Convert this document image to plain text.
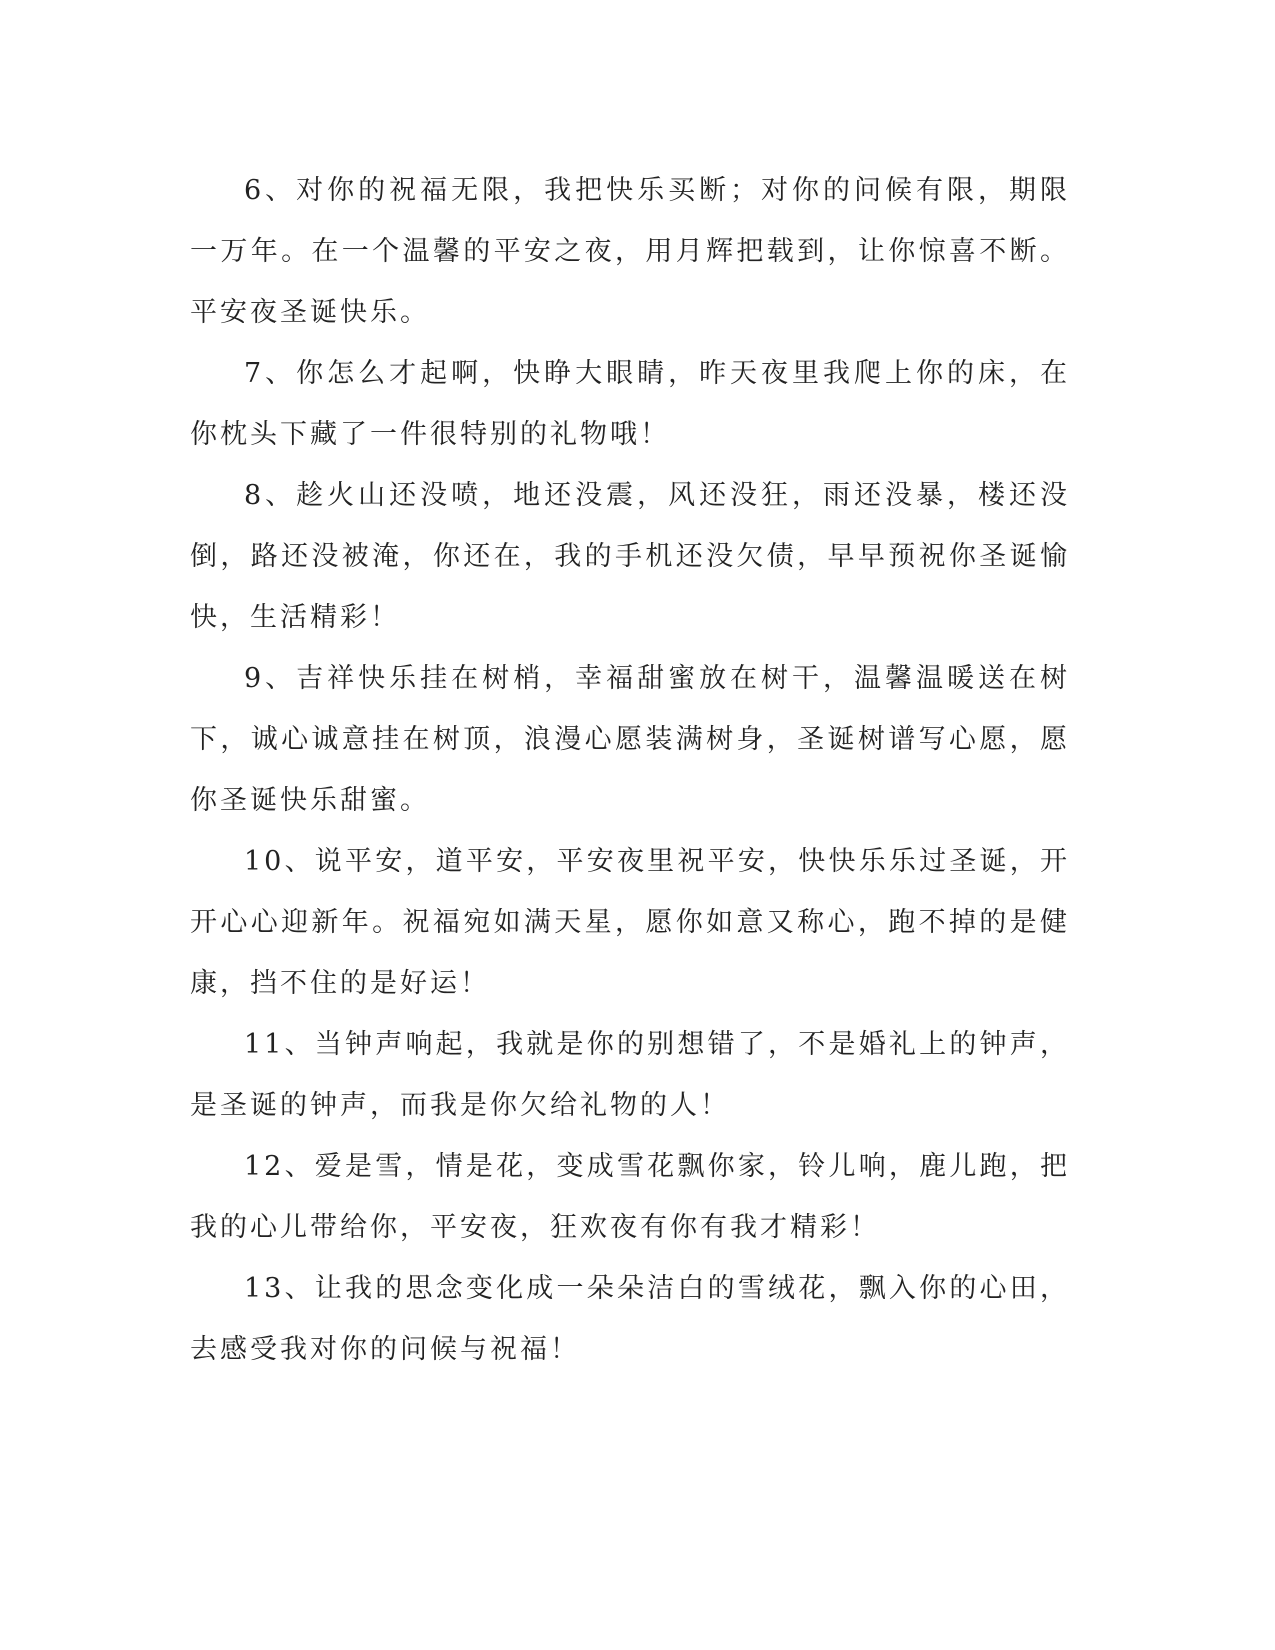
6、对你的祝福无限，我把快乐买断；对你的问候有限，期限一万年。在一个温馨的平安之夜，用月辉把载到，让你惊喜不断。平安夜圣诞快乐。

7、你怎么才起啊，快睁大眼睛，昨天夜里我爬上你的床，在你枕头下藏了一件很特别的礼物哦！

8、趁火山还没喷，地还没震，风还没狂，雨还没暴，楼还没倒，路还没被淹，你还在，我的手机还没欠债，早早预祝你圣诞愉快，生活精彩！

9、吉祥快乐挂在树梢，幸福甜蜜放在树干，温馨温暖送在树下，诚心诚意挂在树顶，浪漫心愿装满树身，圣诞树谱写心愿，愿你圣诞快乐甜蜜。

10、说平安，道平安，平安夜里祝平安，快快乐乐过圣诞，开开心心迎新年。祝福宛如满天星，愿你如意又称心，跑不掉的是健康，挡不住的是好运！

11、当钟声响起，我就是你的别想错了，不是婚礼上的钟声，是圣诞的钟声，而我是你欠给礼物的人！

12、爱是雪，情是花，变成雪花飘你家，铃儿响，鹿儿跑，把我的心儿带给你，平安夜，狂欢夜有你有我才精彩！

13、让我的思念变化成一朵朵洁白的雪绒花，飘入你的心田，去感受我对你的问候与祝福！
